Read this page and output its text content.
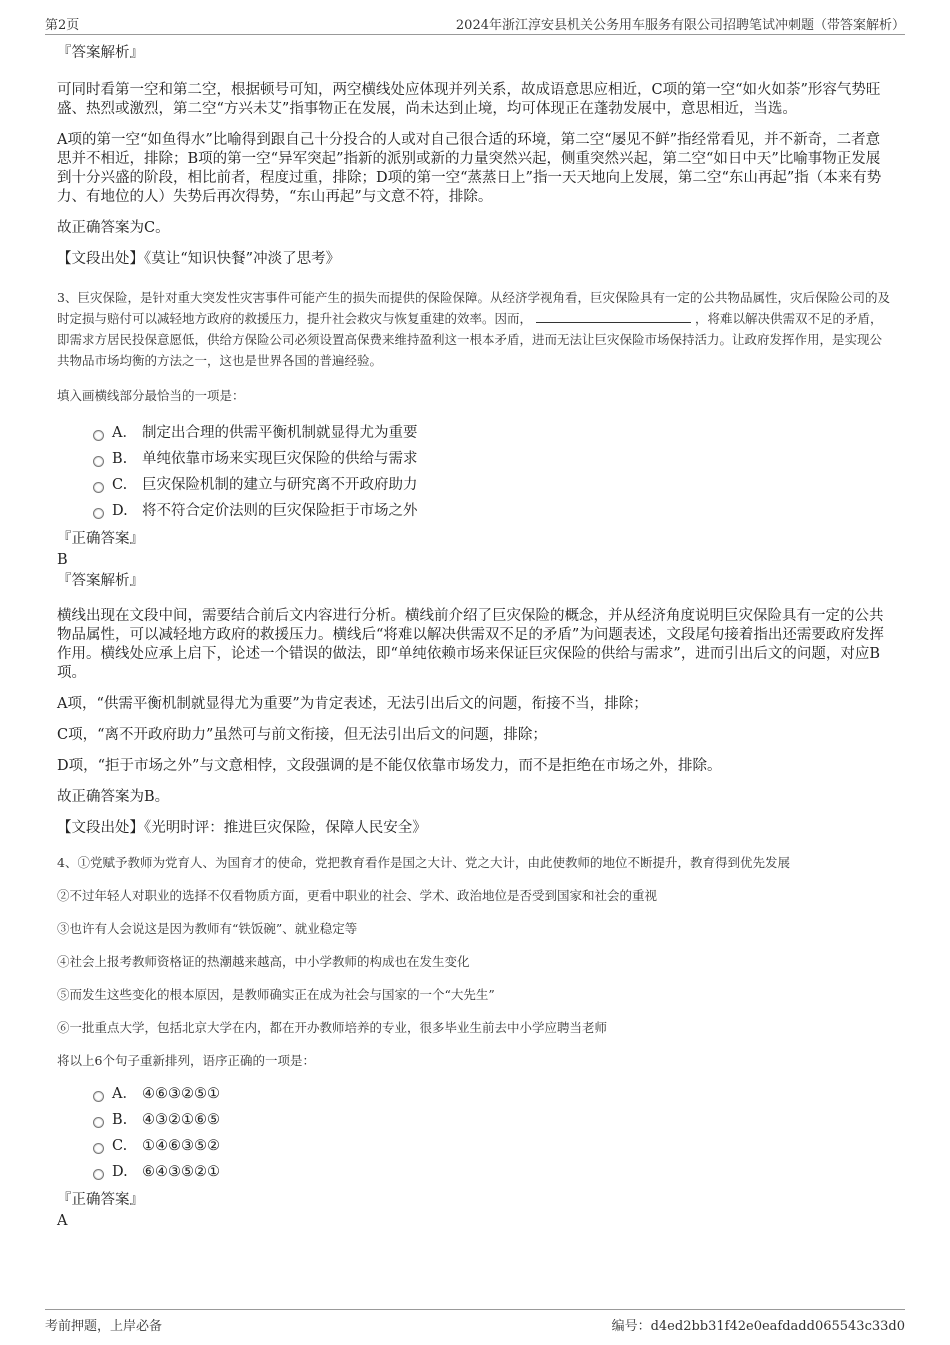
第2页	2024年浙江淳安县机关公务用车服务有限公司招聘笔试冲刺题（带答案解析）

『答案解析』

可同时看第一空和第二空，根据顿号可知，两空横线处应体现并列关系，故成语意思应相近，C项的第一空“如火如荼”形容气势旺盛、热烈或激烈，第二空“方兴未艾”指事物正在发展，尚未达到止境，均可体现正在蓬勃发展中，意思相近，当选。

A项的第一空“如鱼得水”比喻得到跟自己十分投合的人或对自己很合适的环境，第二空“屡见不鲜”指经常看见，并不新奇，二者意思并不相近，排除；B项的第一空“异军突起”指新的派别或新的力量突然兴起，侧重突然兴起，第二空“如日中天”比喻事物正发展到十分兴盛的阶段，相比前者，程度过重，排除；D项的第一空“蒸蒸日上”指一天天地向上发展，第二空“东山再起”指（本来有势力、有地位的人）失势后再次得势，“东山再起”与文意不符，排除。

故正确答案为C。

【文段出处】《莫让“知识快餐”冲淡了思考》

3、巨灾保险，是针对重大突发性灾害事件可能产生的损失而提供的保险保障。从经济学视角看，巨灾保险具有一定的公共物品属性，灾后保险公司的及时定损与赔付可以减轻地方政府的救援压力，提升社会救灾与恢复重建的效率。因而，	，将难以解决供需双不足的矛盾，即需求方居民投保意愿低，供给方保险公司必须设置高保费来维持盈利这一根本矛盾，进而无法让巨灾保险市场保持活力。让政府发挥作用，是实现公共物品市场均衡的方法之一，这也是世界各国的普遍经验。

填入画横线部分最恰当的一项是：

A． 制定出合理的供需平衡机制就显得尤为重要
B.	单纯依靠市场来实现巨灾保险的供给与需求
C.	巨灾保险机制的建立与研究离不开政府助力
D. 将不符合定价法则的巨灾保险拒于市场之外

『正确答案』

B

『答案解析』

横线出现在文段中间，需要结合前后文内容进行分析。横线前介绍了巨灾保险的概念，并从经济角度说明巨灾保险具有一定的公共物品属性，可以减轻地方政府的救援压力。横线后“将难以解决供需双不足的矛盾”为问题表述，文段尾句接着指出还需要政府发挥作用。横线处应承上启下，论述一个错误的做法，即“单纯依赖市场来保证巨灾保险的供给与需求”，进而引出后文的问题，对应B项。

A项，“供需平衡机制就显得尤为重要”为肯定表述，无法引出后文的问题，衔接不当，排除；

C项，“离不开政府助力”虽然可与前文衔接，但无法引出后文的问题，排除；

D项，“拒于市场之外”与文意相悖，文段强调的是不能仅依靠市场发力，而不是拒绝在市场之外，排除。

故正确答案为B。

【文段出处】《光明时评：推进巨灾保险，保障人民安全》

4、①党赋予教师为党育人、为国育才的使命，党把教育看作是国之大计、党之大计，由此使教师的地位不断提升，教育得到优先发展

②不过年轻人对职业的选择不仅看物质方面，更看中职业的社会、学术、政治地位是否受到国家和社会的重视

③也许有人会说这是因为教师有“铁饭碗”、就业稳定等

④社会上报考教师资格证的热潮越来越高，中小学教师的构成也在发生变化

⑤而发生这些变化的根本原因，是教师确实正在成为社会与国家的一个“大先生”

⑥一批重点大学，包括北京大学在内，都在开办教师培养的专业，很多毕业生前去中小学应聘当老师

将以上6个句子重新排列，语序正确的一项是：

A． ④⑥③②⑤①
B.	④③②①⑥⑤
C.	①④⑥③⑤②
D. ⑥④③⑤②①

『正确答案』

A

考前押题，上岸必备	编号：d4ed2bb31f42e0eafdadd065543c33d0
